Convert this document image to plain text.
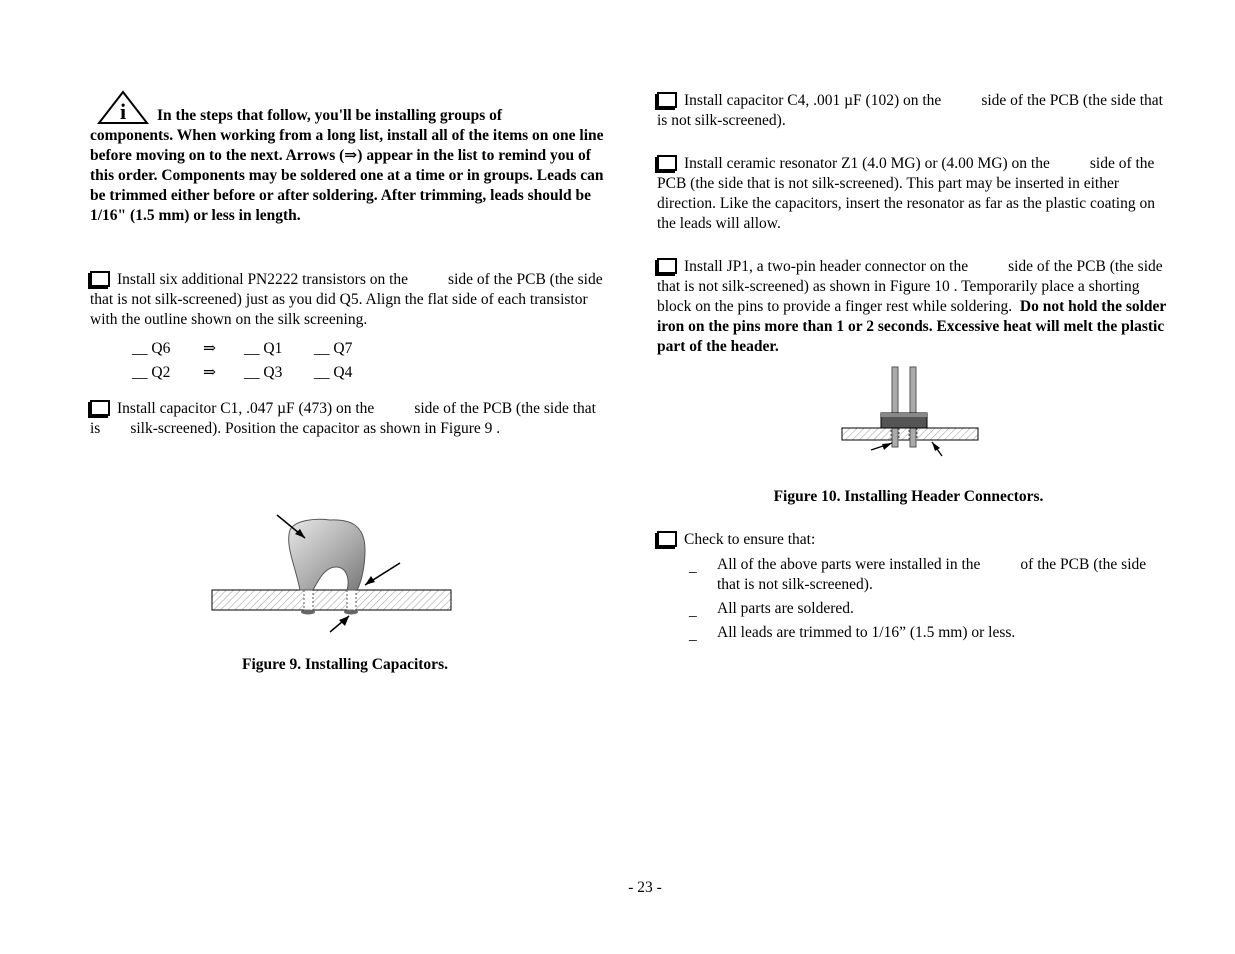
i	In the steps that follow, you'll be installing groups of
components. When working from a long list, install all of the items on one line before moving on to the next. Arrows (⇒) appear in the list to remind you of this order. Components may be soldered one at a time or in groups. Leads can be trimmed either before or after soldering. After trimming, leads should be 1/16" (1.5 mm) or less in length.
Install six additional PN2222 transistors on the	side of the PCB (the side that is not silk-screened) just as you did Q5. Align the flat side of each transistor with the outline shown on the silk screening.
__ Q6 ⇒ __ Q1 __ Q7
__ Q2 ⇒ __ Q3 __ Q4
Install capacitor C1, .047 µF (473) on the	side of the PCB (the side that is silk-screened). Position the capacitor as shown in Figure 9 .
Figure 9. Installing Capacitors.
Install capacitor C4, .001 µF (102) on the	side of the PCB (the side that is not silk-screened).
Install ceramic resonator Z1 (4.0 MG) or (4.00 MG) on the	side of the PCB (the side that is not silk-screened). This part may be inserted in either direction. Like the capacitors, insert the resonator as far as the plastic coating on the leads will allow.
Install JP1, a two-pin header connector on the	side of the PCB (the side that is not silk-screened) as shown in Figure 10 . Temporarily place a shorting block on the pins to provide a finger rest while soldering. Do not hold the solder iron on the pins more than 1 or 2 seconds. Excessive heat will melt the plastic part of the header.
Figure 10. Installing Header Connectors.
Check to ensure that:
_ All of the above parts were installed in the	of the PCB (the side that is not silk-screened).
_ All parts are soldered.
_ All leads are trimmed to 1/16” (1.5 mm) or less.
- 23 -
